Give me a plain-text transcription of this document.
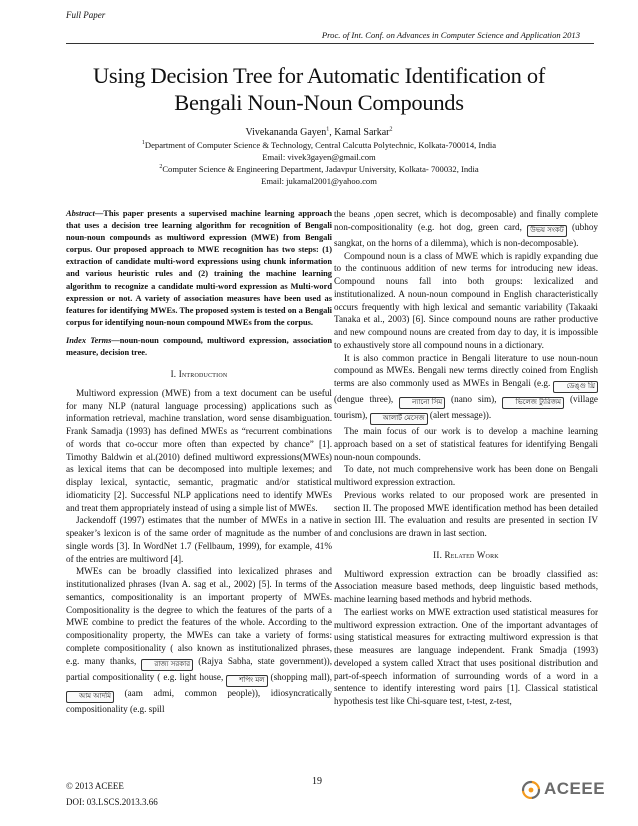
Full Paper
Proc. of Int. Conf. on Advances in Computer Science and Application 2013
Using Decision Tree for Automatic Identification of
Bengali Noun-Noun Compounds
Vivekananda Gayen$^1$, Kamal Sarkar$^2$
$^1$Department of Computer Science & Technology, Central Calcutta Polytechnic, Kolkata-700014, India
Email: vivek3gayen@gmail.com
$^2$Computer Science & Engineering Department, Jadavpur University, Kolkata- 700032, India
Email: jukamal2001@yahoo.com

Abstract—This paper presents a supervised machine learning approach that uses a decision tree learning algorithm for recognition of Bengali noun-noun compounds as multiword expression (MWE) from Bengali corpus. Our proposed approach to MWE recognition has two steps: (1) extraction of candidate multi-word expressions using chunk information and various heuristic rules and (2) training the machine learning algorithm to recognize a candidate multi-word expression as Multi-word expression or not. A variety of association measures have been used as features for identifying MWEs. The proposed system is tested on a Bengali corpus for identifying noun-noun compound MWEs from the corpus.

Index Terms—noun-noun compound, multiword expression, association measure, decision tree.

I. Introduction

Multiword expression (MWE) from a text document can be useful for many NLP (natural language processing) applications such as information retrieval, machine translation, word sense disambiguation. Frank Samadja (1993) has defined MWEs as “recurrent combinations of words that co-occur more often than expected by chance” [1]. Timothy Baldwin et al.(2010) defined multiword expressions(MWEs) as lexical items that can be decomposed into multiple lexemes; and display lexical, syntactic, semantic, pragmatic and/or statistical idiomaticity [2]. Successful NLP applications need to identify MWEs and treat them appropriately instead of using a simple list of MWEs.

Jackendoff (1997) estimates that the number of MWEs in a native speaker’s lexicon is of the same order of magnitude as the number of single words [3]. In WordNet 1.7 (Fellbaum, 1999), for example, 41% of the entries are multiword [4].

MWEs can be broadly classified into lexicalized phrases and institutionalized phrases (Ivan A. sag et al., 2002) [5]. In terms of the semantics, compositionality is an important property of MWEs. Compositionality is the degree to which the features of the parts of a MWE combine to predict the features of the whole. According to the compositionality property, the MWEs can take a variety of forms: complete compositionality ( also known as institutionalized phrases, e.g. many thanks, রাজ্য সরকার (Rajya Sabha, state government)), partial compositionality ( e.g. light house, শপিং মল (shopping mall), আম আদমি (aam admi, common people)), idiosyncratically compositionality (e.g. spill

the beans ,open secret, which is decomposable) and finally complete non-compositionality (e.g. hot dog, green card, উভয় সংকট (ubhoy sangkat, on the horns of a dilemma), which is non-decomposable).

Compound noun is a class of MWE which is rapidly expanding due to the continuous addition of new terms for introducing new ideas. Compound nouns fall into both groups: lexicalized and institutionalized. A noun-noun compound in English characteristically occurs frequently with high lexical and semantic variability (Takaaki Tanaka et al., 2003) [6]. Since compound nouns are rather productive and new compound nouns are created from day to day, it is impossible to exhaustively store all compound nouns in a dictionary.

It is also common practice in Bengali literature to use noun-noun compound as MWEs. Bengali new terms directly coined from English terms are also commonly used as MWEs in Bengali (e.g. ডেঙ্গু থ্রি (dengue three), ন্যানো সিম (nano sim), ভিলেজ ট্যুরিজম (village tourism), আলার্ট মেসেজ (alert message)).

The main focus of our work is to develop a machine learning approach based on a set of statistical features for identifying Bengali noun-noun compounds.

To date, not much comprehensive work has been done on Bengali multiword expression extraction.

Previous works related to our proposed work are presented in section II. The proposed MWE identification method has been detailed in section III. The evaluation and results are presented in section IV and conclusions are drawn in last section.

II. Related Work

Multiword expression extraction can be broadly classified as: Association measure based methods, deep linguistic based methods, machine learning based methods and hybrid methods.

The earliest works on MWE extraction used statistical measures for multiword expression extraction. One of the important advantages of using statistical measures for extracting multiword expression is that these measures are language independent. Frank Smadja (1993) developed a system called Xtract that uses positional distribution and part-of-speech information of surrounding words of a word in a sentence to identify interesting word pairs [1]. Classical statistical hypothesis test like Chi-square test, t-test, z-test,

© 2013 ACEEE
DOI: 03.LSCS.2013.3.66
19	ACEEE
